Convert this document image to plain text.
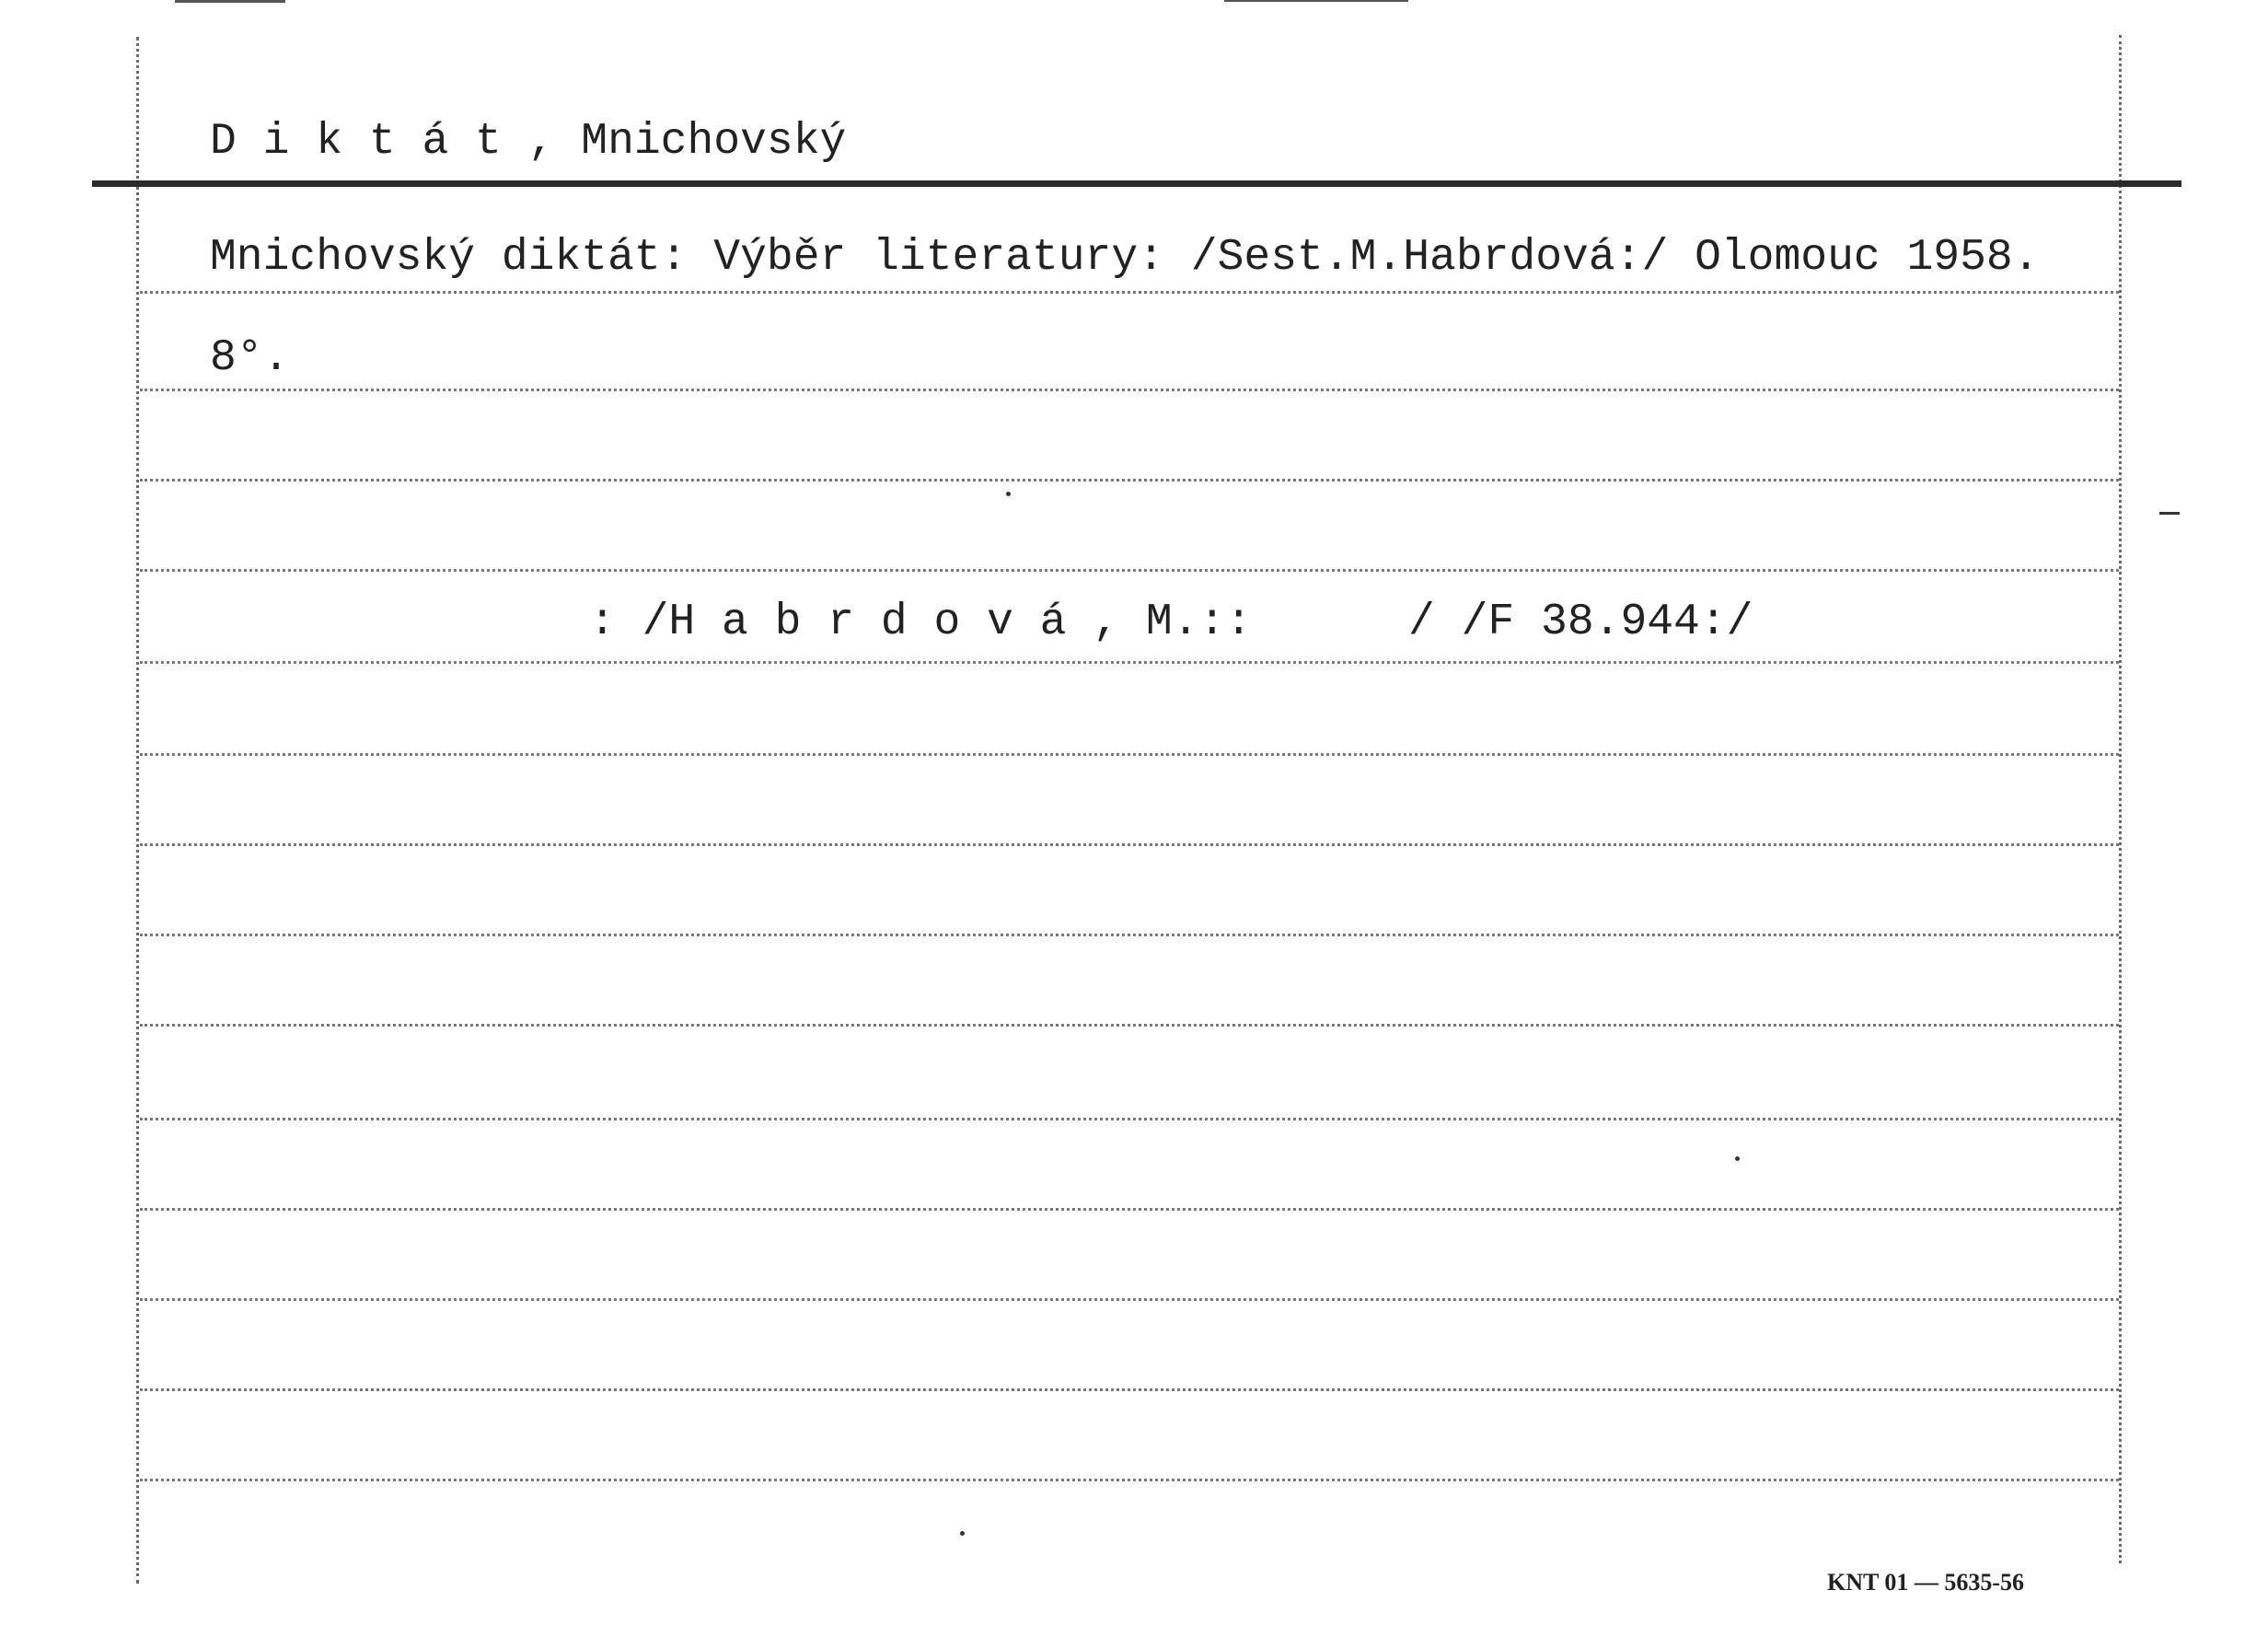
D i k t á t , Mnichovský
Mnichovský diktát: Výběr literatury: /Sest.M.Habrdová:/ Olomouc 1958.
8°.
: /H a b r d o v á , M.::	/ /F 38.944:/
KNT 01 — 5635-56
